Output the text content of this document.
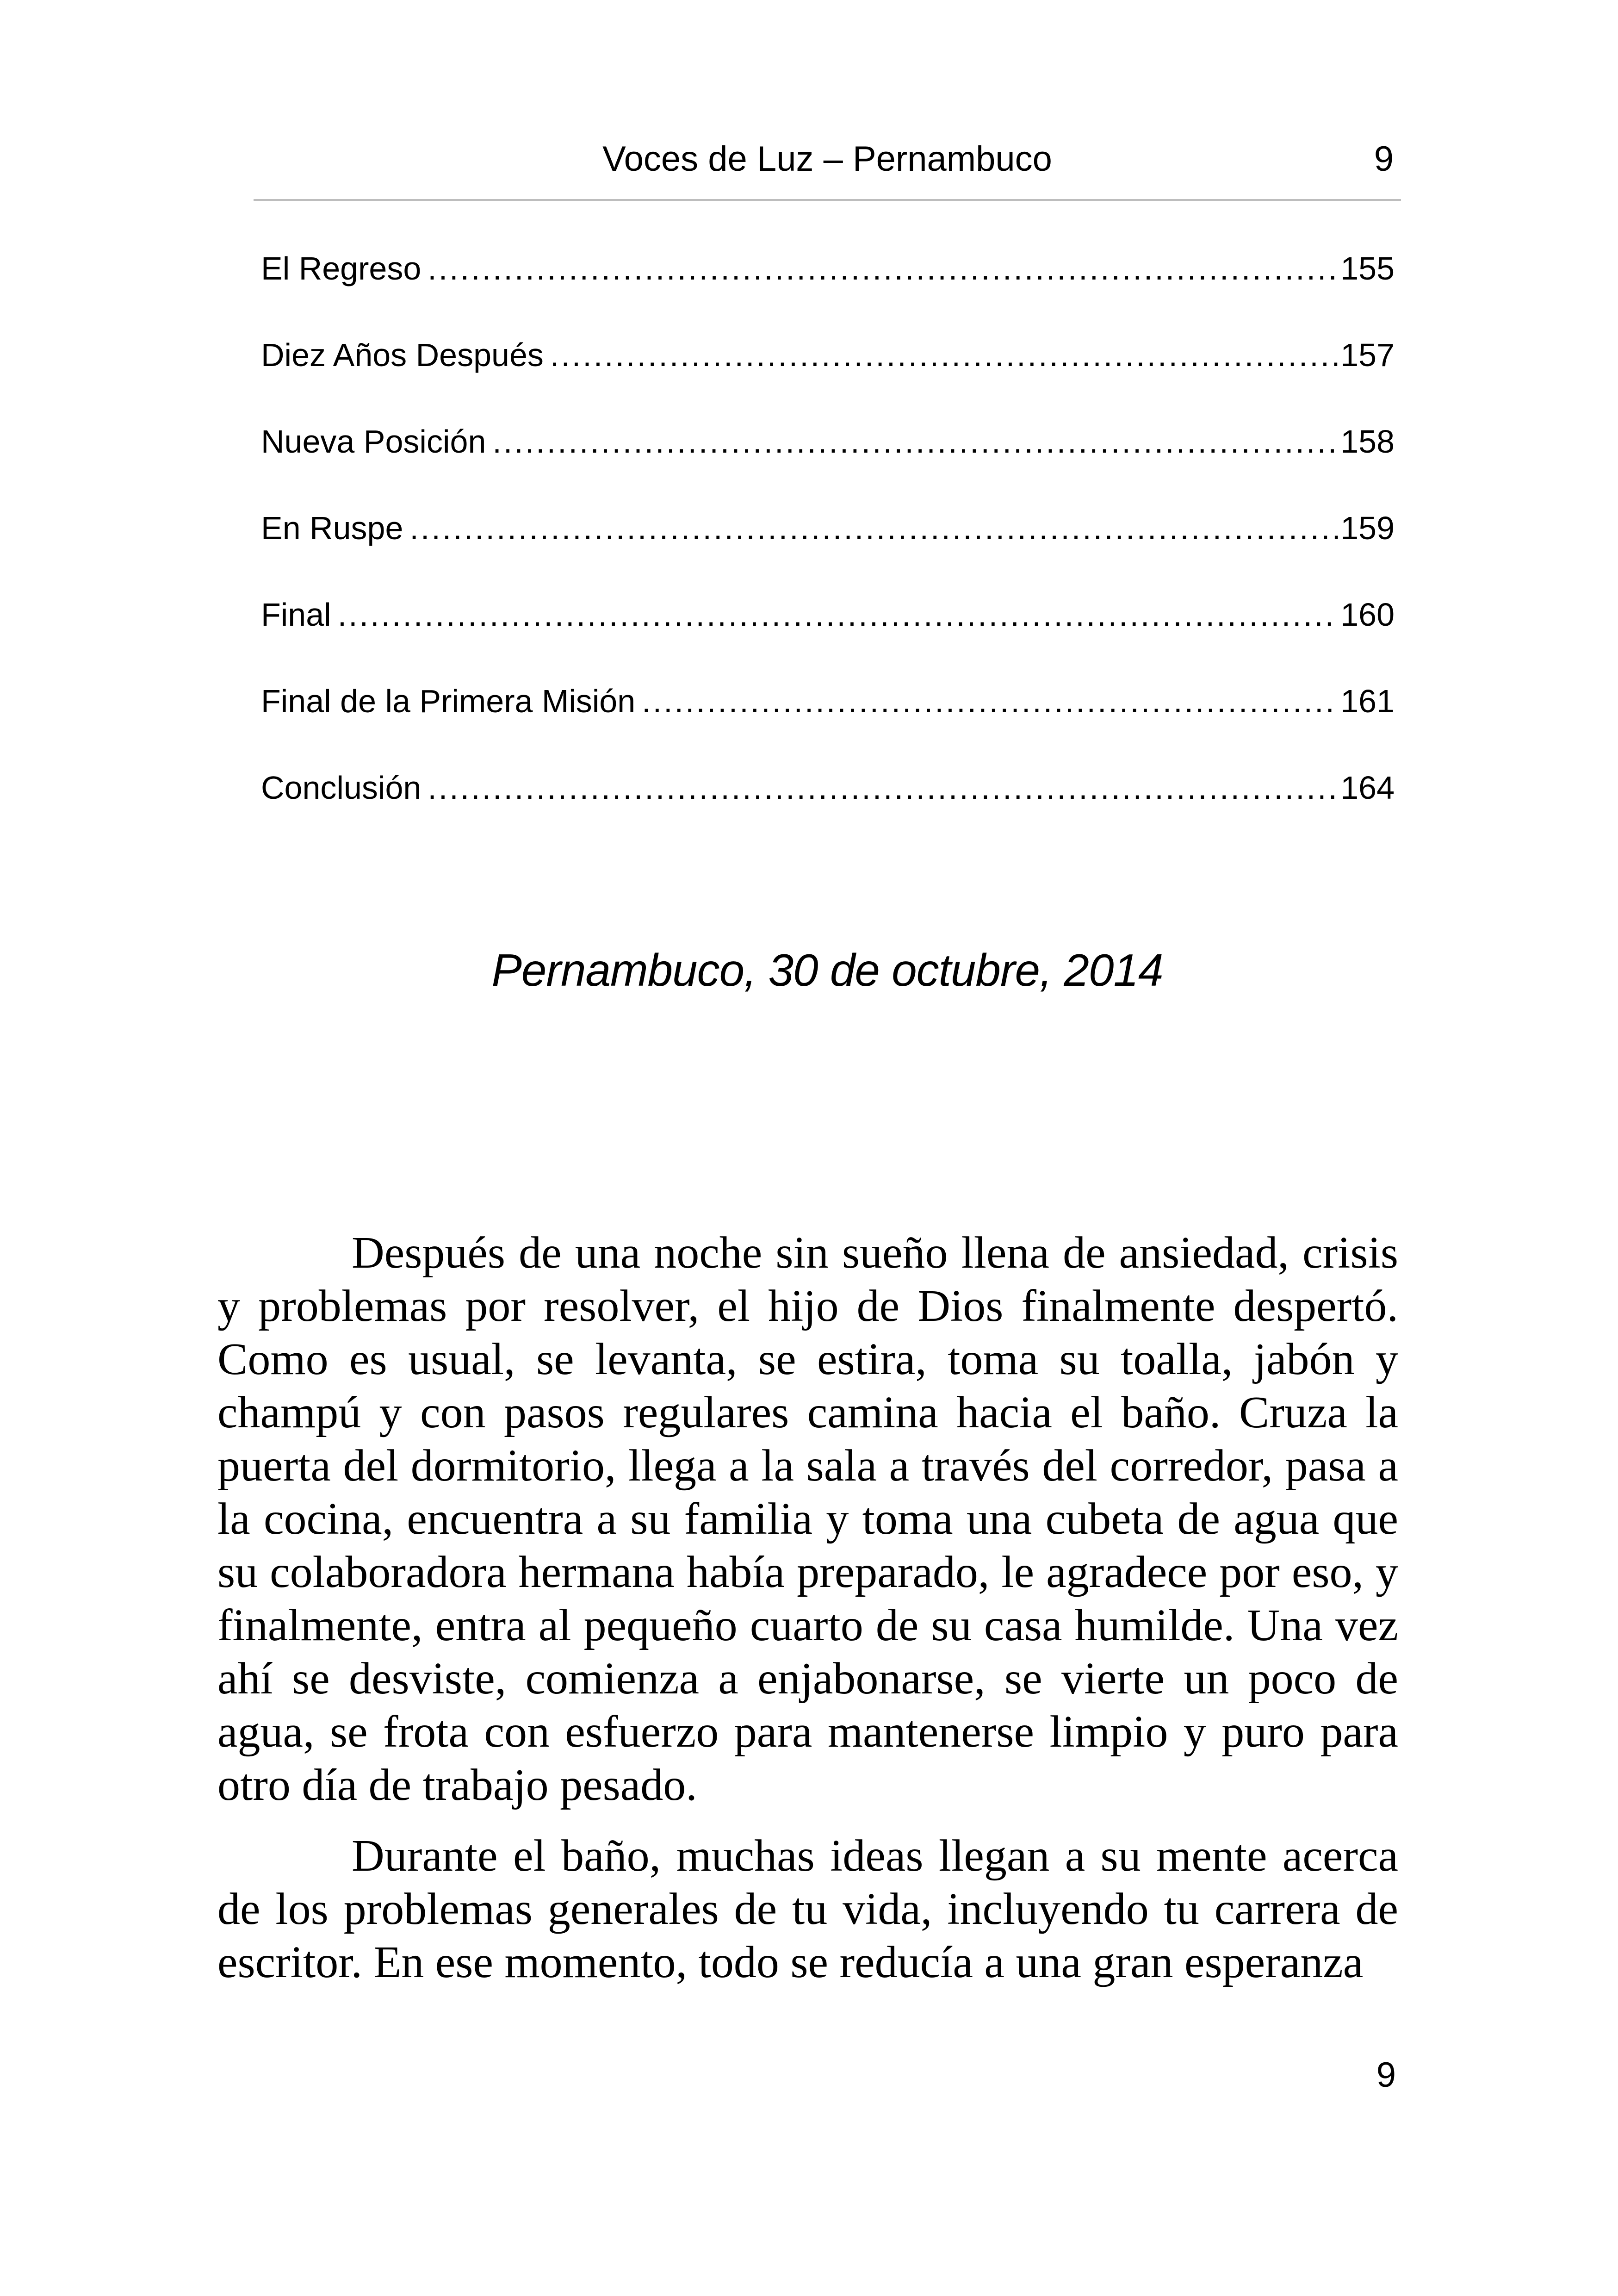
Voces de Luz – Pernambuco	9
El Regreso .....	155
Diez Años Después .....	157
Nueva Posición .....	158
En Ruspe .....	159
Final .....	160
Final de la Primera Misión .....	161
Conclusión .....	164
Pernambuco, 30 de octubre, 2014

Después de una noche sin sueño llena de ansiedad, crisis y problemas por resolver, el hijo de Dios finalmente despertó. Como es usual, se levanta, se estira, toma su toalla, jabón y champú y con pasos regulares camina hacia el baño. Cruza la puerta del dormitorio, llega a la sala a través del corredor, pasa a la cocina, encuentra a su familia y toma una cubeta de agua que su colaboradora hermana había preparado, le agradece por eso, y finalmente, entra al pequeño cuarto de su casa humilde. Una vez ahí se desviste, comienza a enjabonarse, se vierte un poco de agua, se frota con esfuerzo para mantenerse limpio y puro para otro día de trabajo pesado.

Durante el baño, muchas ideas llegan a su mente acerca de los problemas generales de tu vida, incluyendo tu carrera de escritor. En ese momento, todo se reducía a una gran esperanza

9
